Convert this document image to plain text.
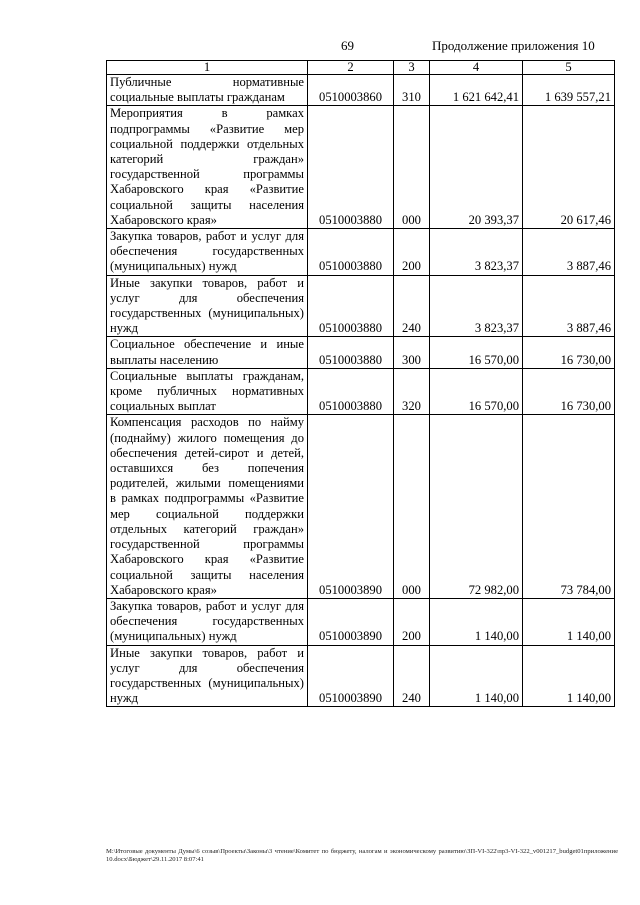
69	Продолжение приложения 10
1	2	3	4	5
Публичные нормативные социальные выплаты гражданам	0510003860	310	1 621 642,41	1 639 557,21
Мероприятия в рамках подпрограммы «Развитие мер социальной поддержки отдельных категорий граждан» государственной программы Хабаровского края «Развитие социальной защиты населения Хабаровского края»	0510003880	000	20 393,37	20 617,46
Закупка товаров, работ и услуг для обеспечения государственных (муниципальных) нужд	0510003880	200	3 823,37	3 887,46
Иные закупки товаров, работ и услуг для обеспечения государственных (муниципальных) нужд	0510003880	240	3 823,37	3 887,46
Социальное обеспечение и иные выплаты населению	0510003880	300	16 570,00	16 730,00
Социальные выплаты гражданам, кроме публичных нормативных социальных выплат	0510003880	320	16 570,00	16 730,00
Компенсация расходов по найму (поднайму) жилого помещения до обеспечения детей-сирот и детей, оставшихся без попечения родителей, жилыми помещениями в рамках подпрограммы «Развитие мер социальной поддержки отдельных категорий граждан» государственной программы Хабаровского края «Развитие социальной защиты населения Хабаровского края»	0510003890	000	72 982,00	73 784,00
Закупка товаров, работ и услуг для обеспечения государственных (муниципальных) нужд	0510003890	200	1 140,00	1 140,00
Иные закупки товаров, работ и услуг для обеспечения государственных (муниципальных) нужд	0510003890	240	1 140,00	1 140,00
M:\Итоговые документы Думы\6 созыв\Проекты\Законы\3 чтение\Комитет по бюджету, налогам и экономическому развитию\ЗП-VI-322\пр3-VI-322_v001217_budget01приложение 10.docx\Бюджет\29.11.2017 8:07:41
